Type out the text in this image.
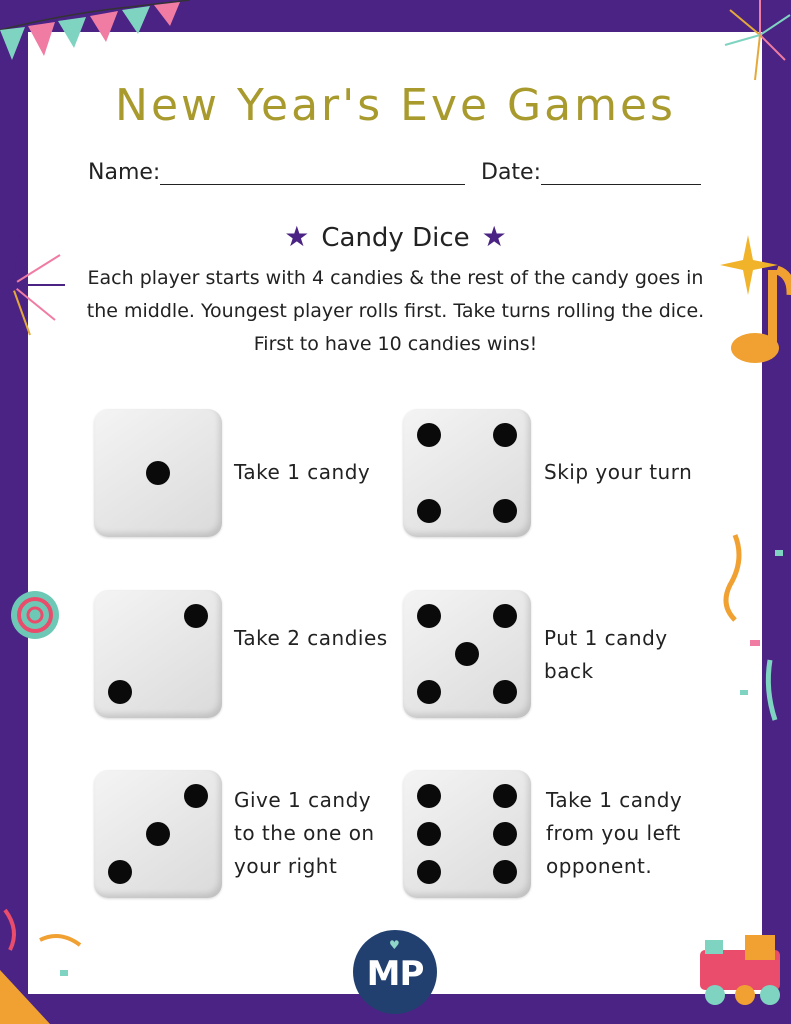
New Year's Eve Games
Name:	Date:
★ Candy Dice ★
Each player starts with 4 candies & the rest of the candy goes in the middle. Youngest player rolls first. Take turns rolling the dice. First to have 10 candies wins!
Take 1 candy	Skip your turn
Take 2 candies	Put 1 candy back
Give 1 candy to the one on your right
Take 1 candy from you left opponent.
♥
MP
